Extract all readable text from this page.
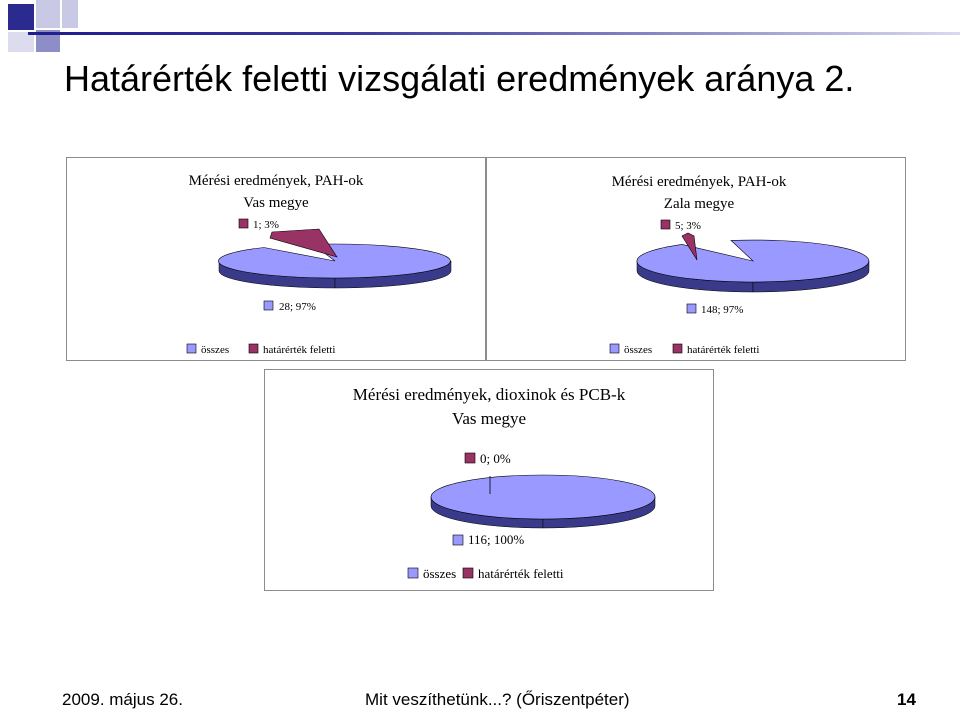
Határérték feletti vizsgálati eredmények aránya 2.
Mérési eredmények, PAH-ok
Vas megye
1; 3%
28; 97%
összes	határérték feletti
Mérési eredmények, PAH-ok
Zala megye
5; 3%
148; 97%
összes	határérték feletti
Mérési eredmények, dioxinok és PCB-k
Vas megye
0; 0%
116; 100%
összes határérték feletti
2009. május 26.	Mit veszíthetünk...? (Őriszentpéter)	14
